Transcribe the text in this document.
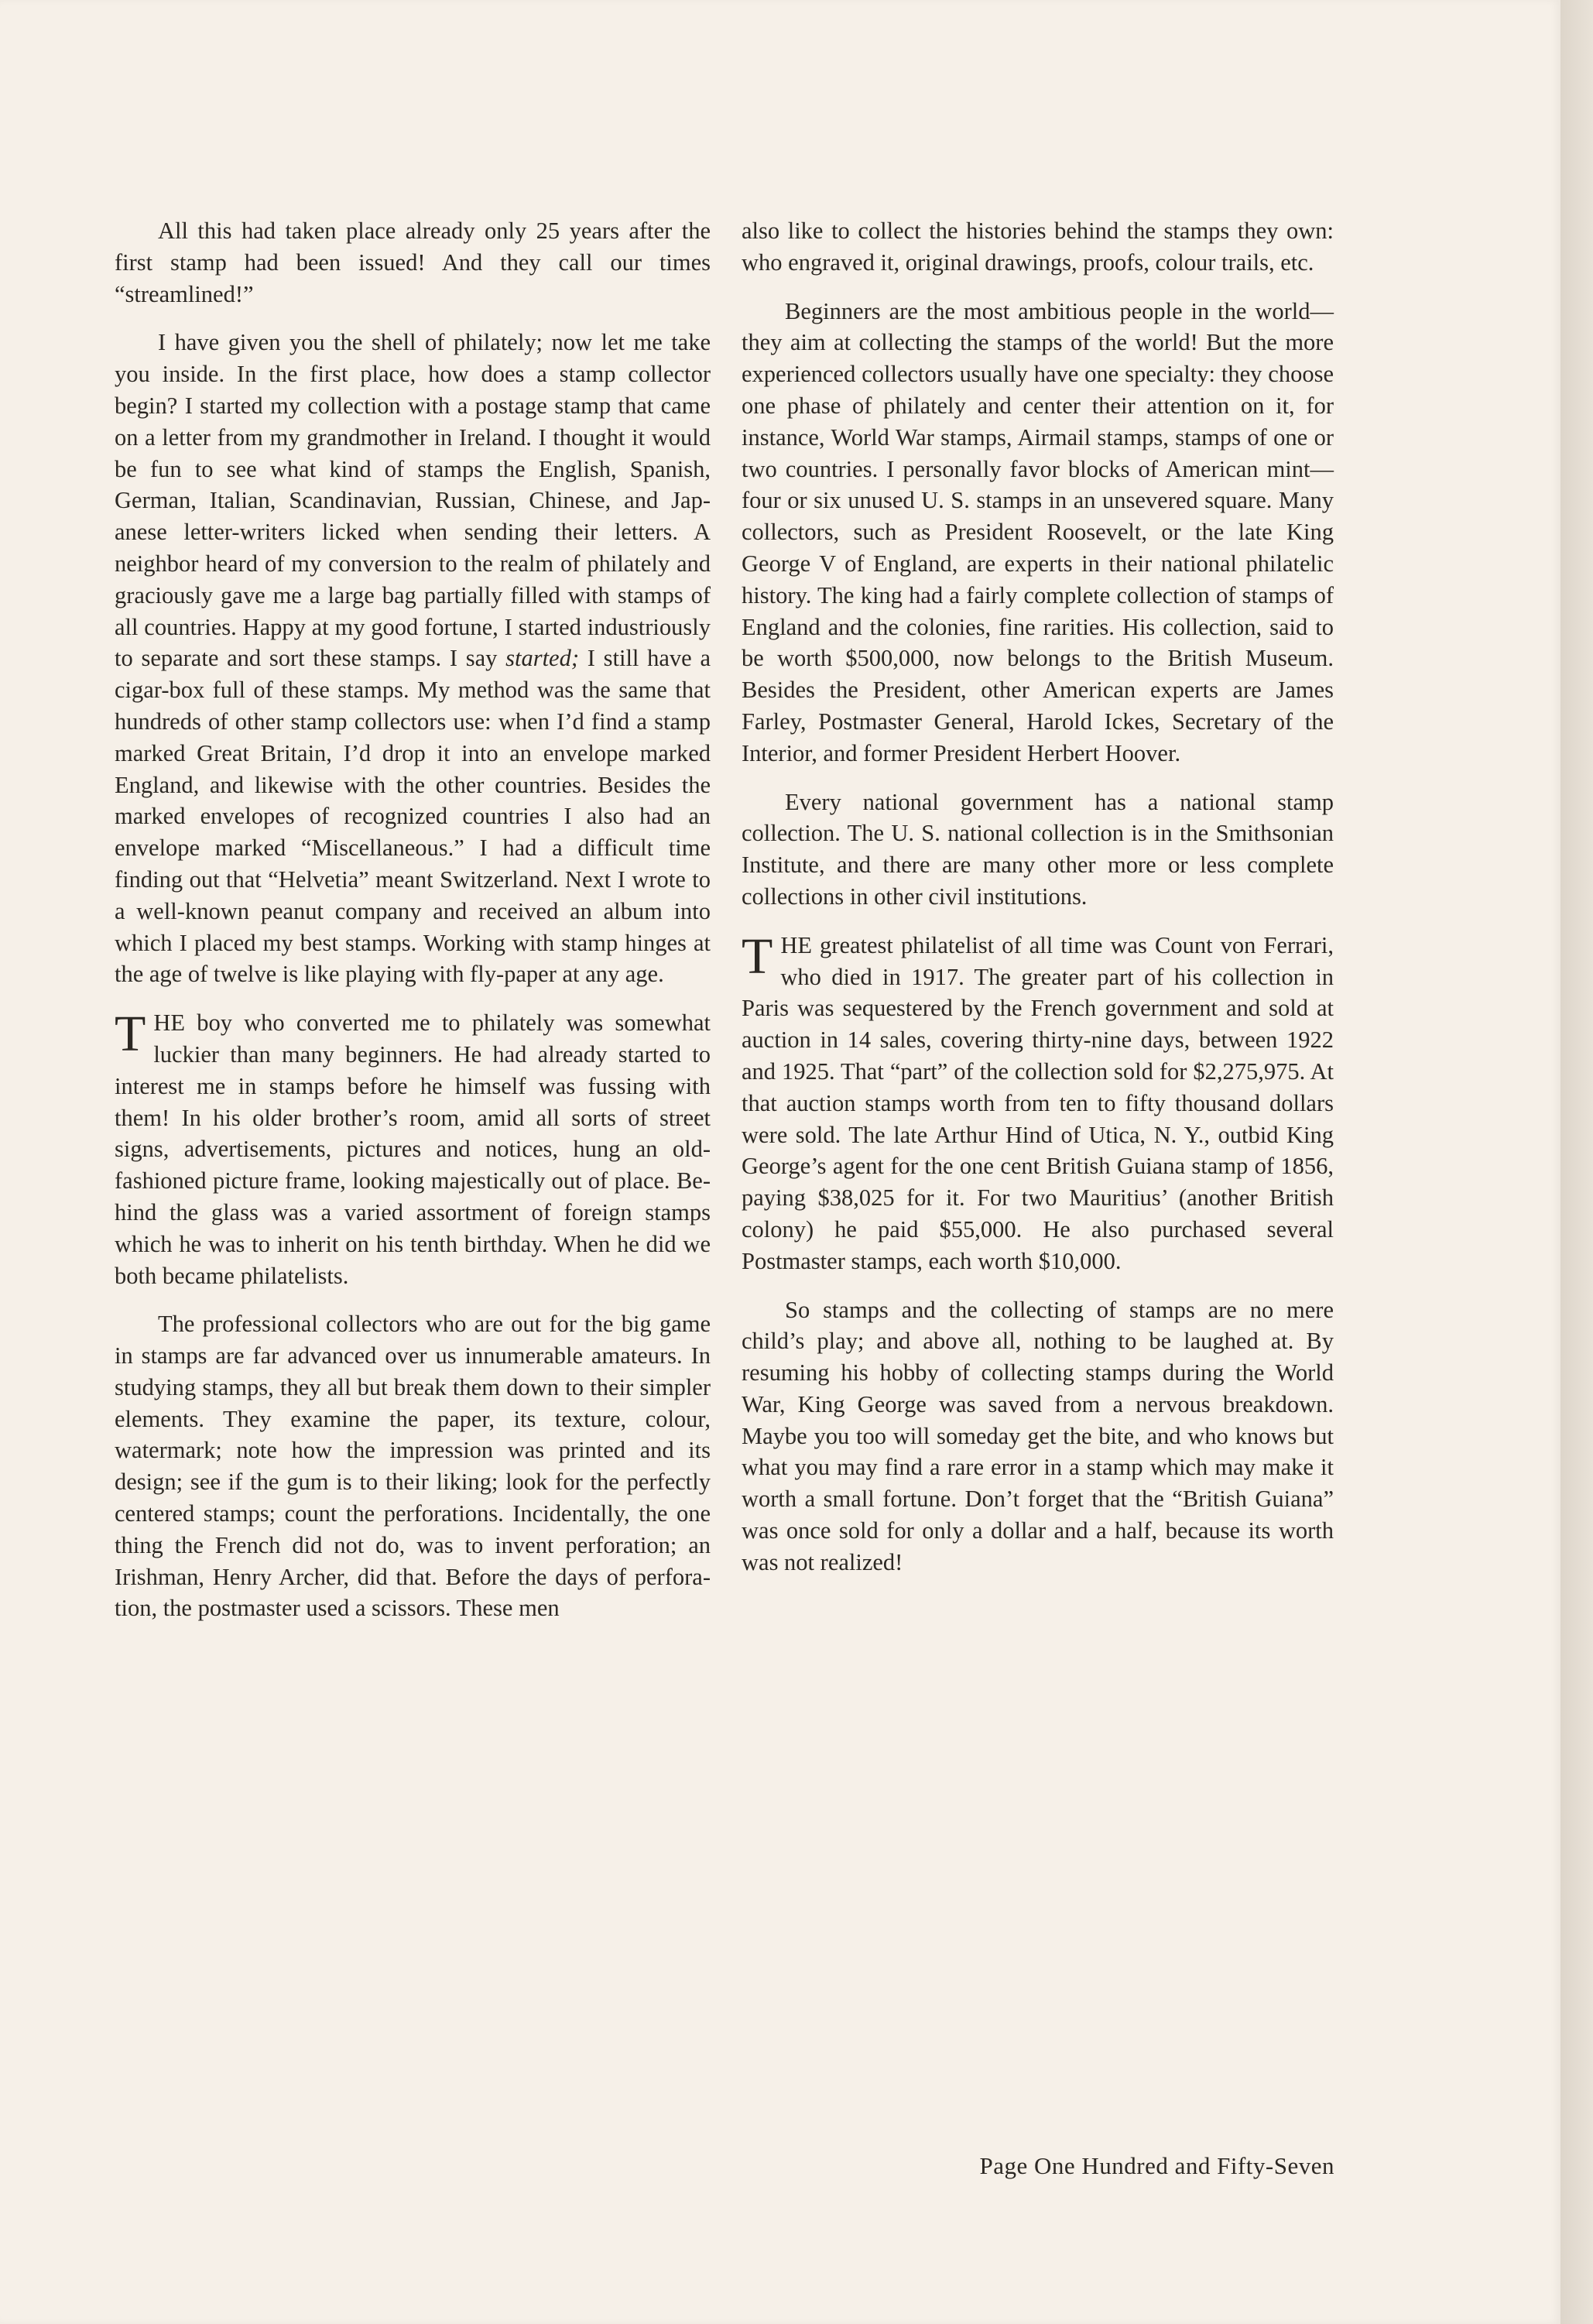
All this had taken place already only 25 years after the first stamp had been issued! And they call our times “streamlined!”

I have given you the shell of philately; now let me take you inside. In the first place, how does a stamp collector begin? I started my collection with a postage stamp that came on a letter from my grandmother in Ireland. I thought it would be fun to see what kind of stamps the English, Spanish, German, Italian, Scandinavian, Russian, Chinese, and Japanese letter-writers licked when sending their letters. A neighbor heard of my conversion to the realm of philately and graciously gave me a large bag partially filled with stamps of all countries. Happy at my good fortune, I started industriously to separate and sort these stamps. I say started; I still have a cigar-box full of these stamps. My method was the same that hundreds of other stamp collectors use: when I’d find a stamp marked Great Britain, I’d drop it into an envelope marked England, and likewise with the other countries. Besides the marked envelopes of recognized countries I also had an envelope marked “Miscellaneous.” I had a difficult time finding out that “Helvetia” meant Switzerland. Next I wrote to a well-known peanut company and received an album into which I placed my best stamps. Working with stamp hinges at the age of twelve is like playing with fly-paper at any age.

THE boy who converted me to philately was somewhat luckier than many beginners. He had already started to interest me in stamps before he himself was fussing with them! In his older brother’s room, amid all sorts of street signs, advertisements, pictures and notices, hung an old-fashioned picture frame, looking majestically out of place. Behind the glass was a varied assortment of foreign stamps which he was to inherit on his tenth birthday. When he did we both became philatelists.

The professional collectors who are out for the big game in stamps are far advanced over us innumerable amateurs. In studying stamps, they all but break them down to their simpler elements. They examine the paper, its texture, colour, watermark; note how the impression was printed and its design; see if the gum is to their liking; look for the perfectly centered stamps; count the perforations. Incidentally, the one thing the French did not do, was to invent perforation; an Irishman, Henry Archer, did that. Before the days of perforation, the postmaster used a scissors. These men

also like to collect the histories behind the stamps they own: who engraved it, original drawings, proofs, colour trails, etc.

Beginners are the most ambitious people in the world—they aim at collecting the stamps of the world! But the more experienced collectors usually have one specialty: they choose one phase of philately and center their attention on it, for instance, World War stamps, Airmail stamps, stamps of one or two countries. I personally favor blocks of American mint—four or six unused U. S. stamps in an unsevered square. Many collectors, such as President Roosevelt, or the late King George V of England, are experts in their national philatelic history. The king had a fairly complete collection of stamps of England and the colonies, fine rarities. His collection, said to be worth $500,000, now belongs to the British Museum. Besides the President, other American experts are James Farley, Postmaster General, Harold Ickes, Secretary of the Interior, and former President Herbert Hoover.

Every national government has a national stamp collection. The U. S. national collection is in the Smithsonian Institute, and there are many other more or less complete collections in other civil institutions.

THE greatest philatelist of all time was Count von Ferrari, who died in 1917. The greater part of his collection in Paris was sequestered by the French government and sold at auction in 14 sales, covering thirty-nine days, between 1922 and 1925. That “part” of the collection sold for $2,275,975. At that auction stamps worth from ten to fifty thousand dollars were sold. The late Arthur Hind of Utica, N. Y., outbid King George’s agent for the one cent British Guiana stamp of 1856, paying $38,025 for it. For two Mauritius’ (another British colony) he paid $55,000. He also purchased several Postmaster stamps, each worth $10,000.

So stamps and the collecting of stamps are no mere child’s play; and above all, nothing to be laughed at. By resuming his hobby of collecting stamps during the World War, King George was saved from a nervous breakdown. Maybe you too will someday get the bite, and who knows but what you may find a rare error in a stamp which may make it worth a small fortune. Don’t forget that the “British Guiana” was once sold for only a dollar and a half, because its worth was not realized!

Page One Hundred and Fifty-Seven
